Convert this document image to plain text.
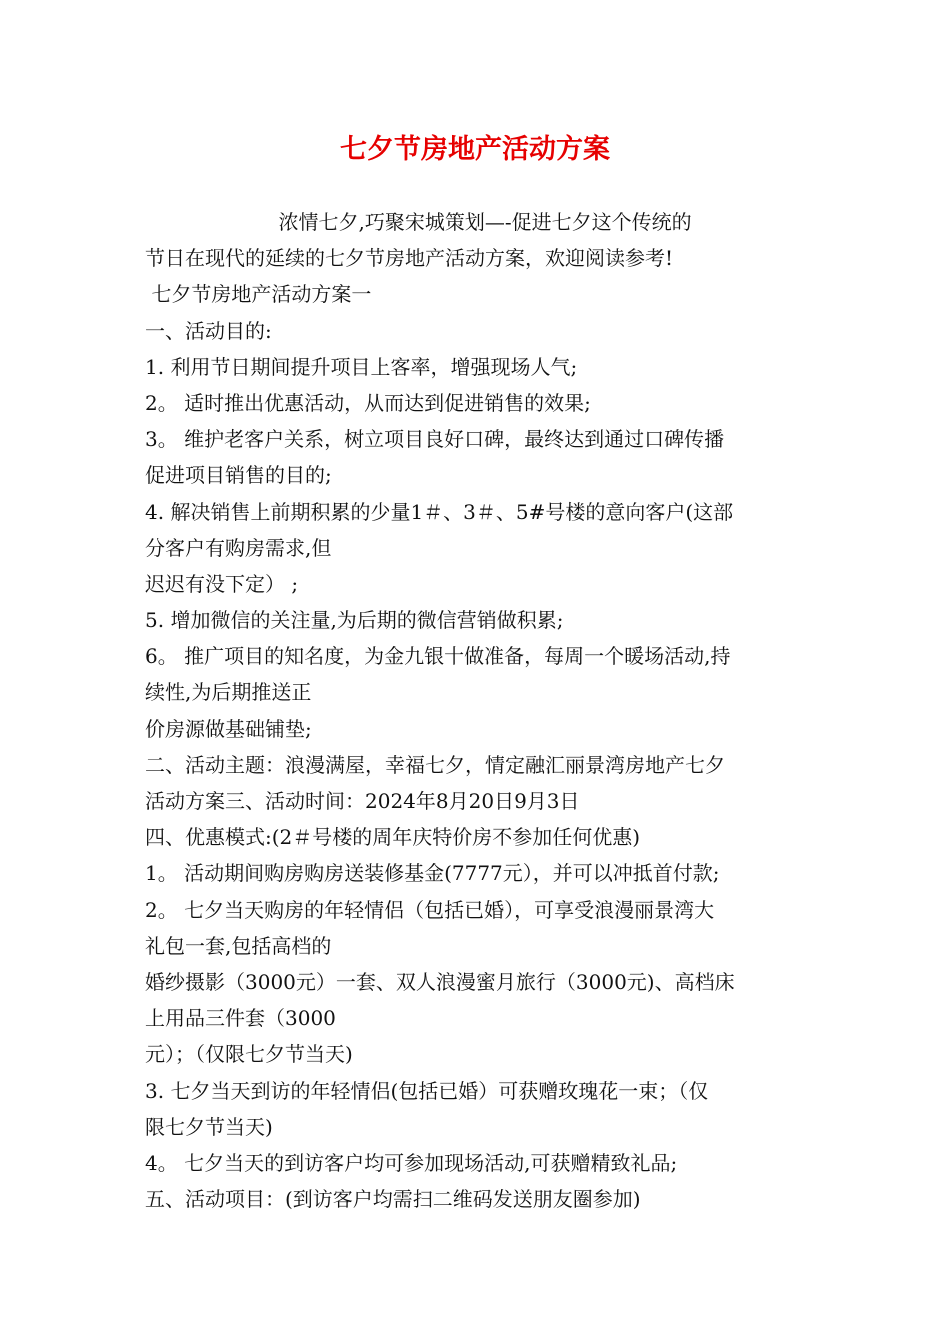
七夕节房地产活动方案
浓情七夕,巧聚宋城策划—-促进七夕这个传统的
节日在现代的延续的七夕节房地产活动方案，欢迎阅读参考!
七夕节房地产活动方案一
一、活动目的:
1. 利用节日期间提升项目上客率，增强现场人气;
2。 适时推出优惠活动，从而达到促进销售的效果;
3。 维护老客户关系，树立项目良好口碑，最终达到通过口碑传播
促进项目销售的目的;
4. 解决销售上前期积累的少量1＃、3＃、5#号楼的意向客户(这部
分客户有购房需求,但
迟迟有没下定） ;
5. 增加微信的关注量,为后期的微信营销做积累;
6。 推广项目的知名度，为金九银十做准备，每周一个暖场活动,持
续性,为后期推送正
价房源做基础铺垫;
二、活动主题：浪漫满屋，幸福七夕，情定融汇丽景湾房地产七夕
活动方案三、活动时间：2024年8月20日9月3日
四、优惠模式:(2＃号楼的周年庆特价房不参加任何优惠)
1。 活动期间购房购房送装修基金(7777元），并可以冲抵首付款;
2。 七夕当天购房的年轻情侣（包括已婚），可享受浪漫丽景湾大
礼包一套,包括高档的
婚纱摄影（3000元）一套、双人浪漫蜜月旅行（3000元)、高档床
上用品三件套（3000
元）；（仅限七夕节当天)
3. 七夕当天到访的年轻情侣(包括已婚）可获赠玫瑰花一束；（仅
限七夕节当天)
4。 七夕当天的到访客户均可参加现场活动,可获赠精致礼品;
五、活动项目：(到访客户均需扫二维码发送朋友圈参加)
